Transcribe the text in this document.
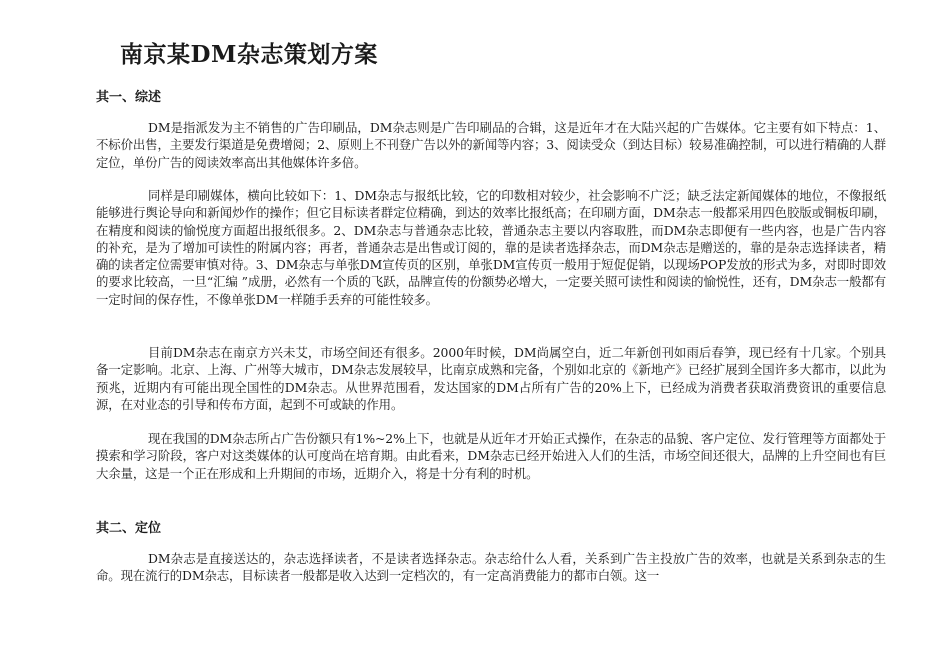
南京某DM杂志策划方案
其一、综述

DM是指派发为主不销售的广告印刷品，DM杂志则是广告印刷品的合辑，这是近年才在大陆兴起的广告媒体。它主要有如下特点：1、不标价出售，主要发行渠道是免费增阅；2、原则上不刊登广告以外的新闻等内容；3、阅读受众（到达目标）较易准确控制，可以进行精确的人群定位，单份广告的阅读效率高出其他媒体许多倍。

同样是印刷媒体，横向比较如下：1、DM杂志与报纸比较，它的印数相对较少，社会影响不广泛；缺乏法定新闻媒体的地位，不像报纸能够进行舆论导向和新闻炒作的操作；但它目标读者群定位精确，到达的效率比报纸高；在印刷方面，DM杂志一般都采用四色胶版或铜板印刷，在精度和阅读的愉悦度方面超出报纸很多。2、DM杂志与普通杂志比较，普通杂志主要以内容取胜，而DM杂志即便有一些内容，也是广告内容的补充，是为了增加可读性的附属内容；再者，普通杂志是出售或订阅的，靠的是读者选择杂志，而DM杂志是赠送的，靠的是杂志选择读者，精确的读者定位需要审慎对待。3、DM杂志与单张DM宣传页的区别，单张DM宣传页一般用于短促促销，以现场POP发放的形式为多，对即时即效的要求比较高，一旦“汇编 ”成册，必然有一个质的飞跃，品牌宣传的份额势必增大，一定要关照可读性和阅读的愉悦性，还有，DM杂志一般都有一定时间的保存性，不像单张DM一样随手丢弃的可能性较多。

目前DM杂志在南京方兴未艾，市场空间还有很多。2000年时候，DM尚属空白，近二年新创刊如雨后春笋，现已经有十几家。个别具备一定影响。北京、上海、广州等大城市，DM杂志发展较早，比南京成熟和完备，个别如北京的《新地产》已经扩展到全国许多大都市，以此为预兆，近期内有可能出现全国性的DM杂志。从世界范围看，发达国家的DM占所有广告的20%上下，已经成为消费者获取消费资讯的重要信息源，在对业态的引导和传布方面，起到不可或缺的作用。

现在我国的DM杂志所占广告份额只有1%~2%上下，也就是从近年才开始正式操作，在杂志的品貌、客户定位、发行管理等方面都处于摸索和学习阶段，客户对这类媒体的认可度尚在培育期。由此看来，DM杂志已经开始进入人们的生活，市场空间还很大，品牌的上升空间也有巨大余量，这是一个正在形成和上升期间的市场，近期介入，将是十分有利的时机。

其二、定位

DM杂志是直接送达的，杂志选择读者，不是读者选择杂志。杂志给什么人看，关系到广告主投放广告的效率，也就是关系到杂志的生命。现在流行的DM杂志，目标读者一般都是收入达到一定档次的，有一定高消费能力的都市白领。这一
